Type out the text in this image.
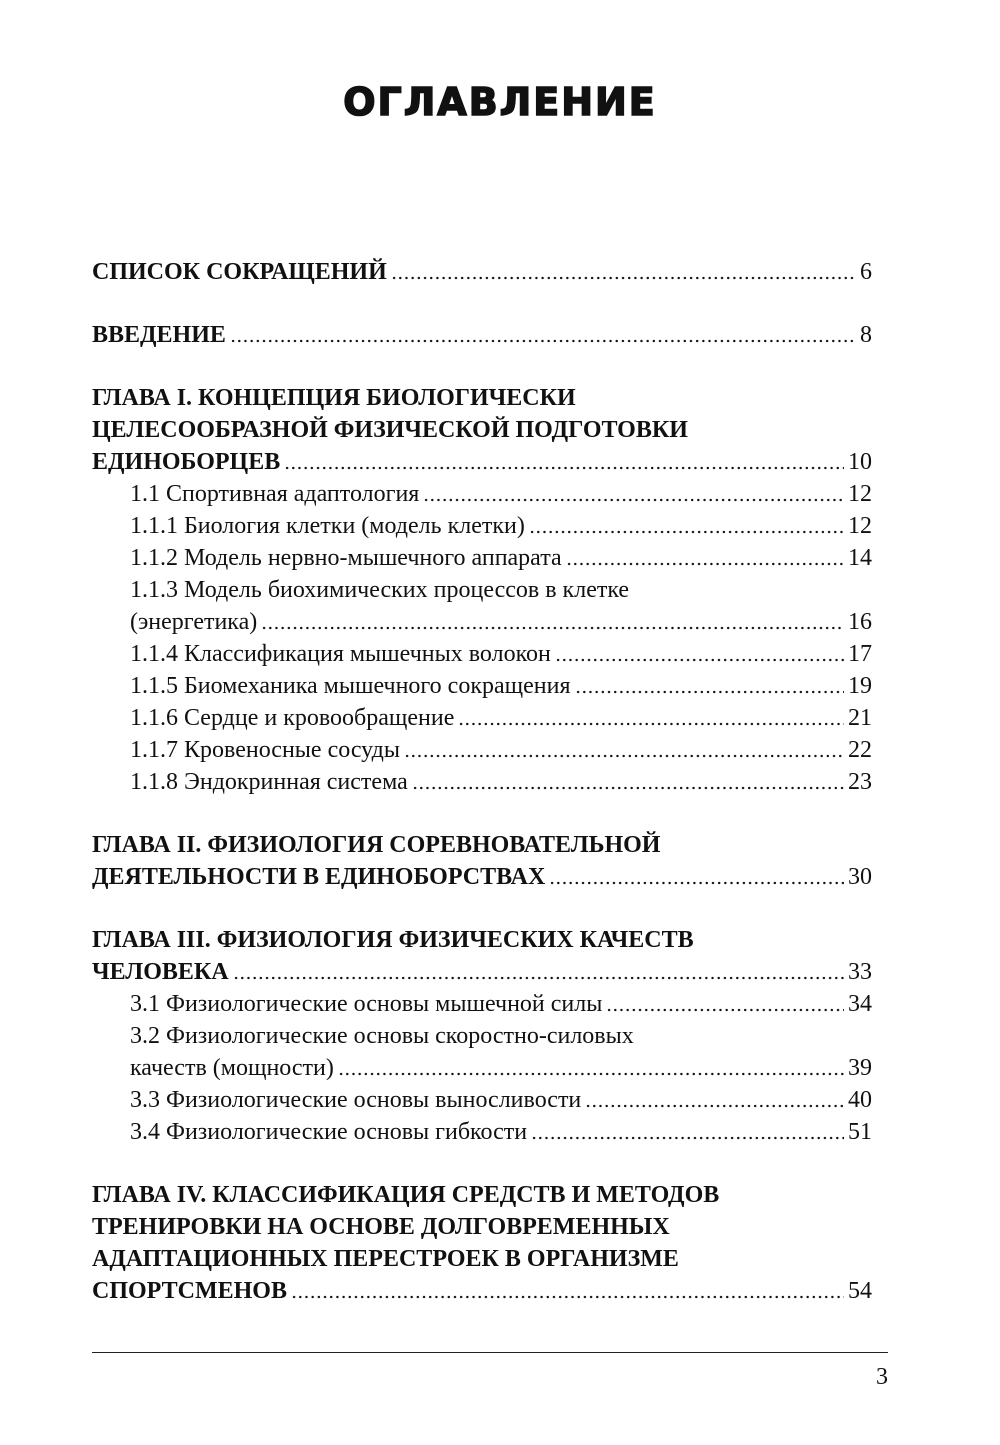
ОГЛАВЛЕНИЕ
СПИСОК СОКРАЩЕНИЙ	6
ВВЕДЕНИЕ	8
ГЛАВА I. КОНЦЕПЦИЯ БИОЛОГИЧЕСКИ
ЦЕЛЕСООБРАЗНОЙ ФИЗИЧЕСКОЙ ПОДГОТОВКИ
ЕДИНОБОРЦЕВ	10
1.1 Спортивная адаптология	12
1.1.1 Биология клетки (модель клетки)	12
1.1.2 Модель нервно-мышечного аппарата	14
1.1.3 Модель биохимических процессов в клетке
(энергетика)	16
1.1.4 Классификация мышечных волокон	17
1.1.5 Биомеханика мышечного сокращения	19
1.1.6 Сердце и кровообращение	21
1.1.7 Кровеносные сосуды	22
1.1.8 Эндокринная система	23
ГЛАВА II. ФИЗИОЛОГИЯ СОРЕВНОВАТЕЛЬНОЙ
ДЕЯТЕЛЬНОСТИ В ЕДИНОБОРСТВАХ	30
ГЛАВА III. ФИЗИОЛОГИЯ ФИЗИЧЕСКИХ КАЧЕСТВ
ЧЕЛОВЕКА	33
3.1 Физиологические основы мышечной силы	34
3.2 Физиологические основы скоростно-силовых
качеств (мощности)	39
3.3 Физиологические основы выносливости	40
3.4 Физиологические основы гибкости	51
ГЛАВА IV. КЛАССИФИКАЦИЯ СРЕДСТВ И МЕТОДОВ
ТРЕНИРОВКИ НА ОСНОВЕ ДОЛГОВРЕМЕННЫХ
АДАПТАЦИОННЫХ ПЕРЕСТРОЕК В ОРГАНИЗМЕ
СПОРТСМЕНОВ	54
3
